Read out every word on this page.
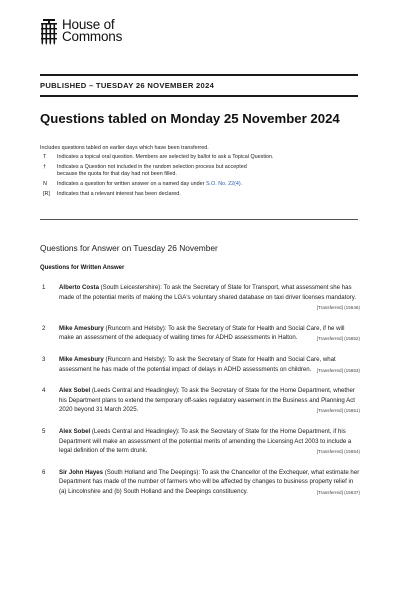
House of
Commons
PUBLISHED – TUESDAY 26 NOVEMBER 2024
Questions tabled on Monday 25 November 2024
Includes questions tabled on earlier days which have been transferred.
T	Indicates a topical oral question. Members are selected by ballot to ask a Topical Question.
†	Indicates a Question not included in the random selection process but accepted because the quota for that day had not been filled.
N	Indicates a question for written answer on a named day under S.O. No. 22(4).
[R]	Indicates that a relevant interest has been declared.
Questions for Answer on Tuesday 26 November
Questions for Written Answer
1	Alberto Costa (South Leicestershire): To ask the Secretary of State for Transport, what assessment she has made of the potential merits of making the LGA's voluntary shared database on taxi driver licenses mandatory.
[Transferred] (15646)
2	Mike Amesbury (Runcorn and Helsby): To ask the Secretary of State for Health and Social Care, if he will make an assessment of the adequacy of waiting times for ADHD assessments in Halton.	[Transferred] (15652)
3	Mike Amesbury (Runcorn and Helsby): To ask the Secretary of State for Health and Social Care, what assessment he has made of the potential impact of delays in ADHD assessments on children. [Transferred] (15653)
4	Alex Sobel (Leeds Central and Headingley): To ask the Secretary of State for the Home Department, whether his Department plans to extend the temporary off-sales regulatory easement in the Business and Planning Act 2020 beyond 31 March 2025.	[Transferred] (15651)
5	Alex Sobel (Leeds Central and Headingley): To ask the Secretary of State for the Home Department, if his Department will make an assessment of the potential merits of amending the Licensing Act 2003 to include a legal definition of the term drunk.	[Transferred] (15654)
6	Sir John Hayes (South Holland and The Deepings): To ask the Chancellor of the Exchequer, what estimate her Department has made of the number of farmers who will be affected by changes to business property relief in (a) Lincolnshire and (b) South Holland and the Deepings constituency.	[Transferred] (15637)
